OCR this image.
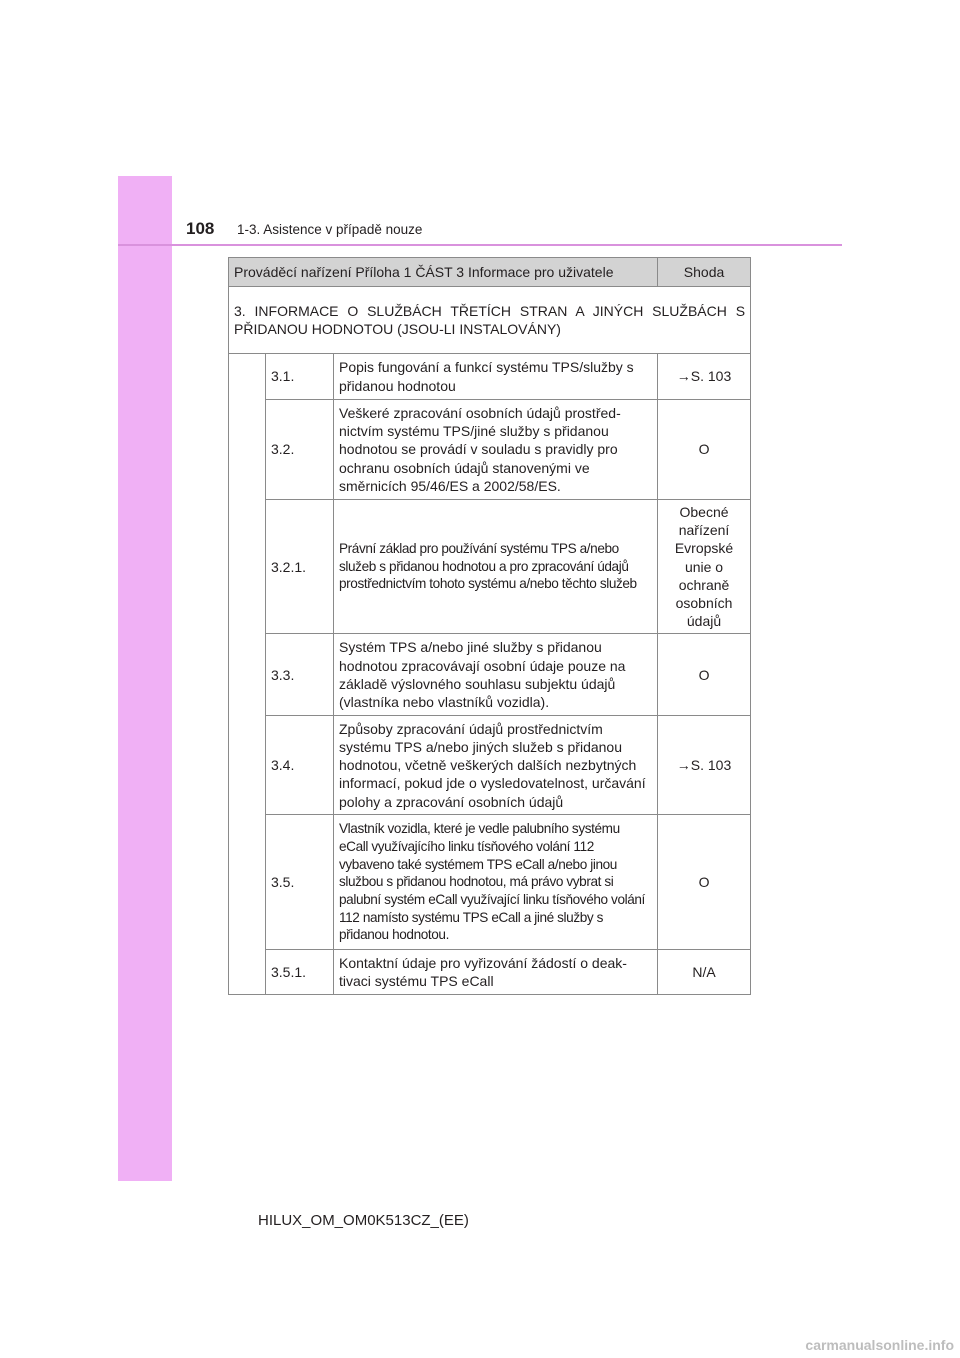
108 1-3. Asistence v případě nouze
Prováděcí nařízení Příloha 1 ČÁST 3 Informace pro uživatele			Shoda
3. INFORMACE O SLUŽBÁCH TŘETÍCH STRAN A JINÝCH SLUŽBÁCH S PŘIDANOU HODNOTOU (JSOU-LI INSTALOVÁNY)			
	3.1.	Popis fungování a funkcí systému TPS/služby s přidanou hodnotou	→S. 103
	3.2.	Veškeré zpracování osobních údajů prostřednictvím systému TPS/jiné služby s přidanou hodnotou se provádí v souladu s pravidly pro ochranu osobních údajů stanovenými ve směrnicích 95/46/ES a 2002/58/ES.	O
	3.2.1.	Právní základ pro používání systému TPS a/nebo služeb s přidanou hodnotou a pro zpracování údajů prostřednictvím tohoto systému a/nebo těchto služeb	Obecné nařízení Evropské unie o ochraně osobních údajů
	3.3.	Systém TPS a/nebo jiné služby s přidanou hodnotou zpracovávají osobní údaje pouze na základě výslovného souhlasu subjektu údajů (vlastníka nebo vlastníků vozidla).	O
	3.4.	Způsoby zpracování údajů prostřednictvím systému TPS a/nebo jiných služeb s přidanou hodnotou, včetně veškerých dalších nezbytných informací, pokud jde o vysledovatelnost, určavání polohy a zpracování osobních údajů	→S. 103
	3.5.	Vlastník vozidla, které je vedle palubního systému eCall využívajícího linku tísňového volání 112 vybaveno také systémem TPS eCall a/nebo jinou službou s přidanou hodnotou, má právo vybrat si palubní systém eCall využívající linku tísňového volání 112 namísto systému TPS eCall a jiné služby s přidanou hodnotou.	O
	3.5.1.	Kontaktní údaje pro vyřizování žádostí o deaktivaci systému TPS eCall	N/A
HILUX_OM_OM0K513CZ_(EE)
carmanualsonline.info
